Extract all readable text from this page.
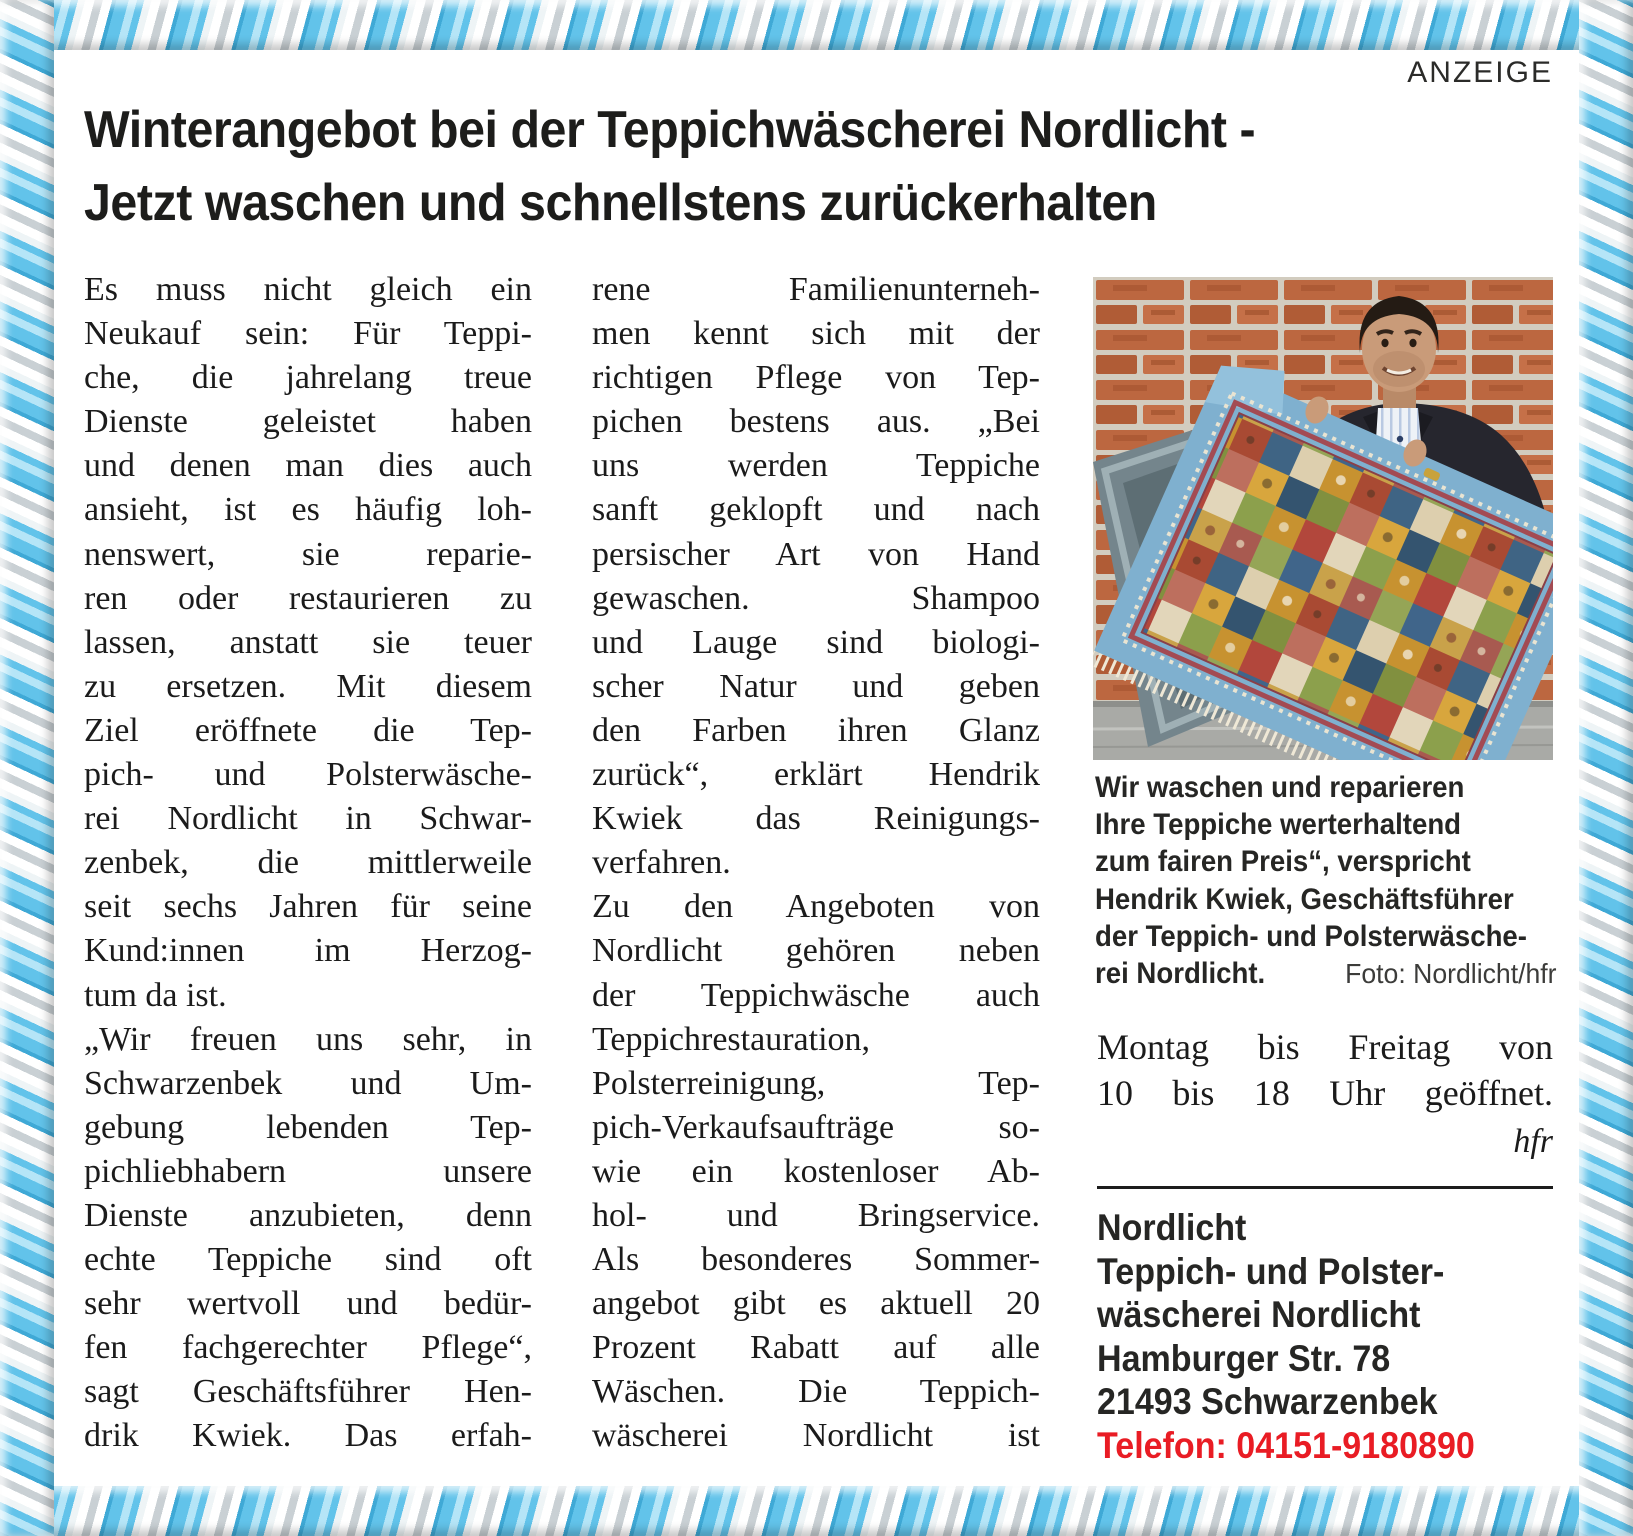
ANZEIGE
Winterangebot bei der Teppichwäscherei Nordlicht -
Jetzt waschen und schnellstens zurückerhalten
Es muss nicht gleich ein
Neukauf sein: Für Teppi-
che, die jahrelang treue
Dienste geleistet haben
und denen man dies auch
ansieht, ist es häufig loh-
nenswert, sie reparie-
ren oder restaurieren zu
lassen, anstatt sie teuer
zu ersetzen. Mit diesem
Ziel eröffnete die Tep-
pich- und Polsterwäsche-
rei Nordlicht in Schwar-
zenbek, die mittlerweile
seit sechs Jahren für seine
Kund:innen im Herzog-
tum da ist.
„Wir freuen uns sehr, in
Schwarzenbek und Um-
gebung lebenden Tep-
pichliebhabern unsere
Dienste anzubieten, denn
echte Teppiche sind oft
sehr wertvoll und bedür-
fen fachgerechter Pflege“,
sagt Geschäftsführer Hen-
drik Kwiek. Das erfah-
rene Familienunterneh-
men kennt sich mit der
richtigen Pflege von Tep-
pichen bestens aus. „Bei
uns werden Teppiche
sanft geklopft und nach
persischer Art von Hand
gewaschen. Shampoo
und Lauge sind biologi-
scher Natur und geben
den Farben ihren Glanz
zurück“, erklärt Hendrik
Kwiek das Reinigungs-
verfahren.
Zu den Angeboten von
Nordlicht gehören neben
der Teppichwäsche auch
Teppichrestauration,
Polsterreinigung, Tep-
pich-Verkaufsaufträge so-
wie ein kostenloser Ab-
hol- und Bringservice.
Als besonderes Sommer-
angebot gibt es aktuell 20
Prozent Rabatt auf alle
Wäschen. Die Teppich-
wäscherei Nordlicht ist
Wir waschen und reparieren
Ihre Teppiche werterhaltend
zum fairen Preis“, verspricht
Hendrik Kwiek, Geschäftsführer
der Teppich- und Polsterwäsche-
rei Nordlicht.	Foto: Nordlicht/hfr
Montag bis Freitag von
10 bis 18 Uhr geöffnet.
hfr
Nordlicht
Teppich- und Polster-
wäscherei Nordlicht
Hamburger Str. 78
21493 Schwarzenbek
Telefon: 04151-9180890
